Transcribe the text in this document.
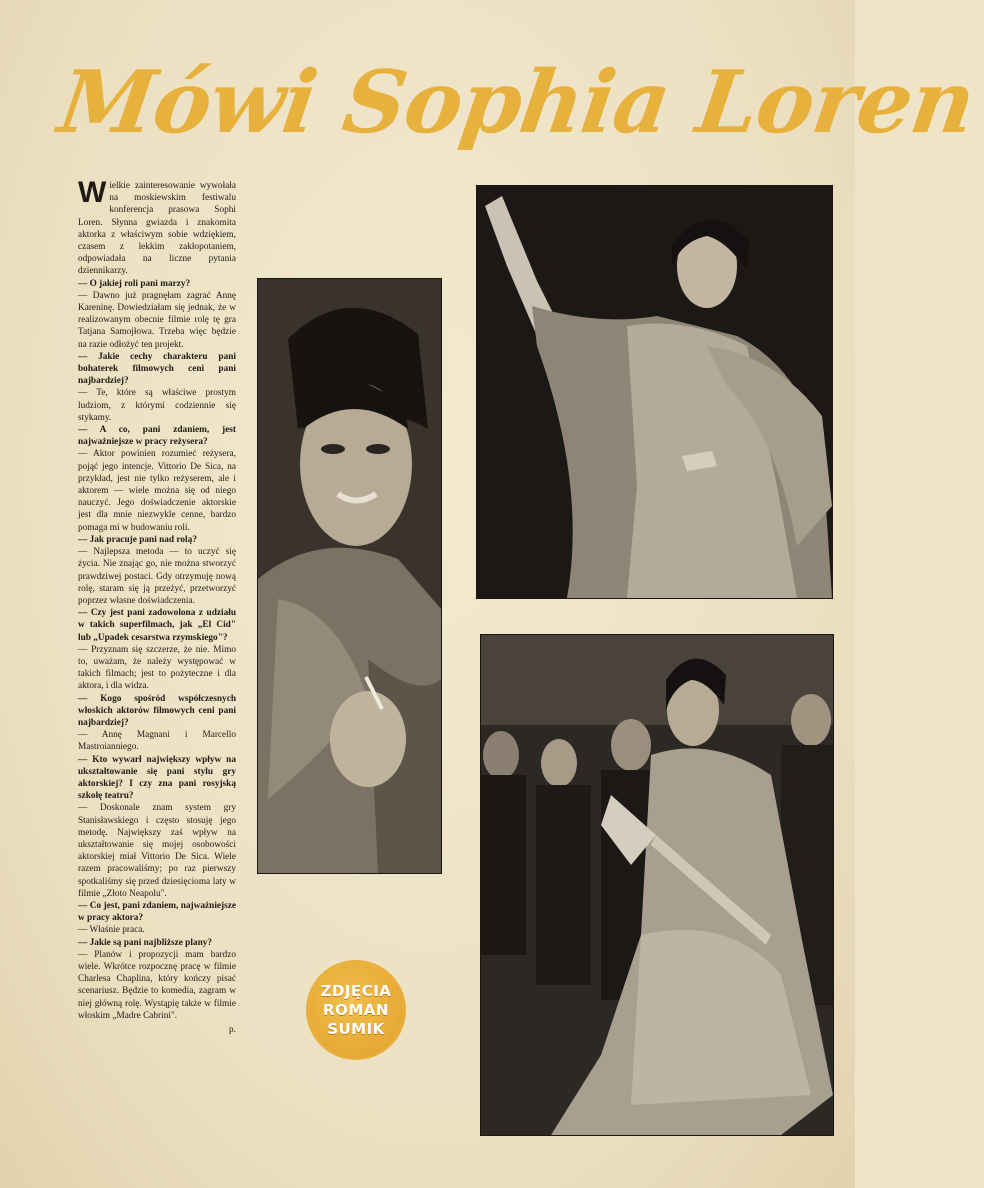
Mówi Sophia Loren

Wielkie zainteresowanie wywołała na moskiewskim festiwalu konferencja prasowa Sophi Loren. Słynna gwiazda i znakomita aktorka z właściwym sobie wdziękiem, czasem z lekkim zakłopotaniem, odpowiadała na liczne pytania dziennikarzy.

— O jakiej roli pani marzy?

— Dawno już pragnęłam zagrać Annę Kareninę. Dowiedziałam się jednak, że w realizowanym obecnie filmie rolę tę gra Tatjana Samojłowa. Trzeba więc będzie na razie odłożyć ten projekt.

— Jakie cechy charakteru pani bohaterek filmowych ceni pani najbardziej?

— Te, które są właściwe prostym ludziom, z którymi codziennie się stykamy.

— A co, pani zdaniem, jest najważniejsze w pracy reżysera?

— Aktor powinien rozumieć reżysera, pojąć jego intencje. Vittorio De Sica, na przykład, jest nie tylko reżyserem, ale i aktorem — wiele można się od niego nauczyć. Jego doświadczenie aktorskie jest dla mnie niezwykle cenne, bardzo pomaga mi w budowaniu roli.

— Jak pracuje pani nad rolą?

— Najlepsza metoda — to uczyć się życia. Nie znając go, nie można stworzyć prawdziwej postaci. Gdy otrzymuję nową rolę, staram się ją przeżyć, przetworzyć poprzez własne doświadczenia.

— Czy jest pani zadowolona z udziału w takich superfilmach, jak „El Cid" lub „Upadek cesarstwa rzymskiego"?

— Przyznam się szczerze, że nie. Mimo to, uważam, że należy występować w takich filmach; jest to pożyteczne i dla aktora, i dla widza.

— Kogo spośród współczesnych włoskich aktorów filmowych ceni pani najbardziej?

— Annę Magnani i Marcello Mastroianniego.

— Kto wywarł największy wpływ na ukształtowanie się pani stylu gry aktorskiej? I czy zna pani rosyjską szkołę teatru?

— Doskonale znam system gry Stanisławskiego i często stosuję jego metodę. Największy zaś wpływ na ukształtowanie się mojej osobowości aktorskiej miał Vittorio De Sica. Wiele razem pracowaliśmy; po raz pierwszy spotkaliśmy się przed dziesięcioma laty w filmie „Złoto Neapolu".

— Co jest, pani zdaniem, najważniejsze w pracy aktora?

— Właśnie praca.

— Jakie są pani najbliższe plany?

— Planów i propozycji mam bardzo wiele. Wkrótce rozpocznę pracę w filmie Charlesa Chaplina, który kończy pisać scenariusz. Będzie to komedia, zagram w niej główną rolę. Wystąpię także w filmie włoskim „Madre Cabrini".

p.

ZDJĘCIA
ROMAN
SUMIK
